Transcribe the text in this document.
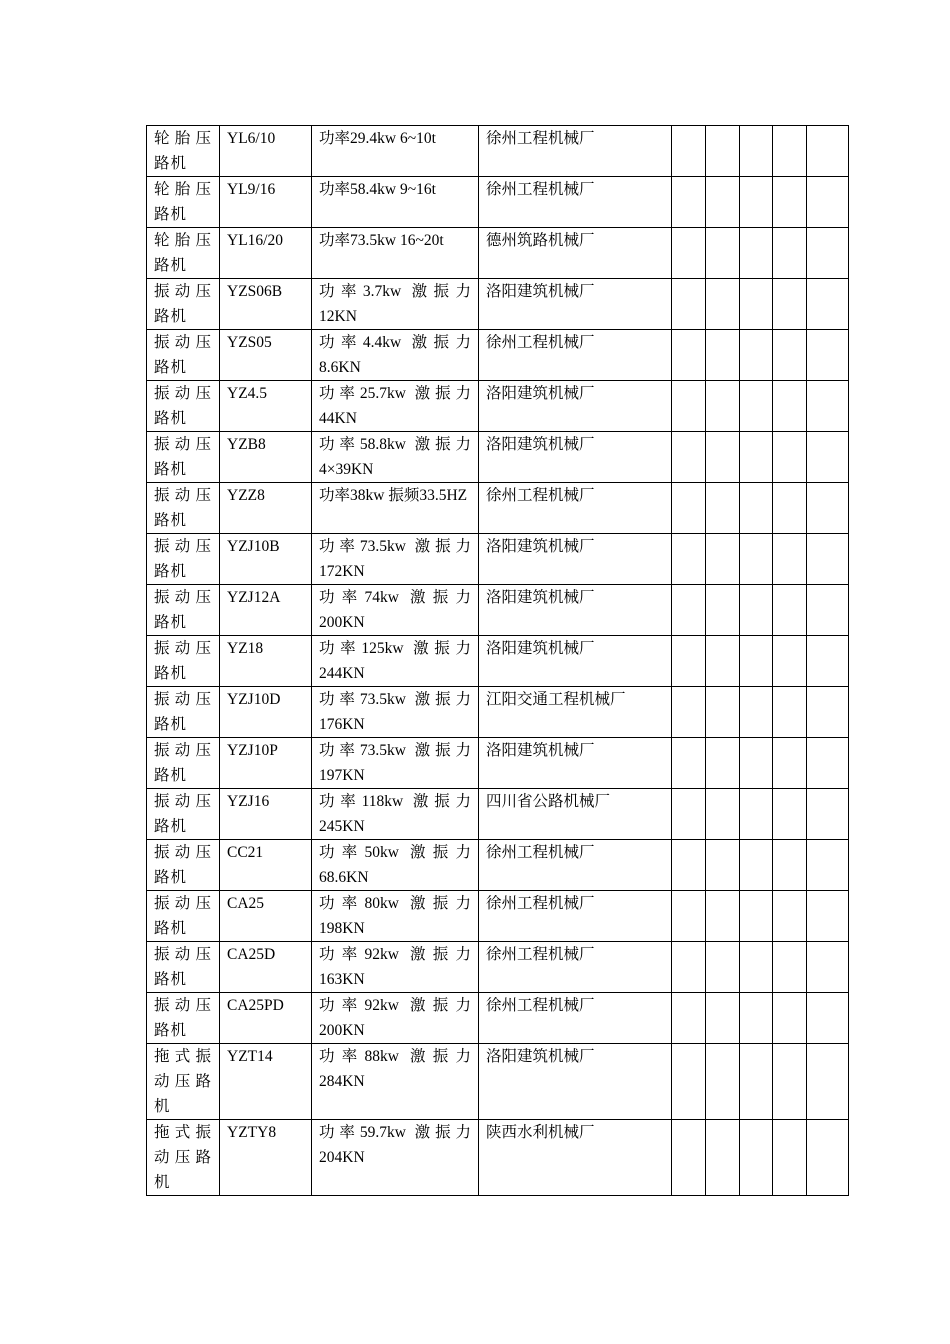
轮胎压路机	YL6/10	功率29.4kw 6~10t	徐州工程机械厂					
轮胎压路机	YL9/16	功率58.4kw 9~16t	徐州工程机械厂					
轮胎压路机	YL16/20	功率73.5kw 16~20t	德州筑路机械厂					
振动压路机	YZS06B	功率3.7kw 激振力12KN	洛阳建筑机械厂					
振动压路机	YZS05	功率4.4kw 激振力8.6KN	徐州工程机械厂					
振动压路机	YZ4.5	功率25.7kw 激振力44KN	洛阳建筑机械厂					
振动压路机	YZB8	功率58.8kw 激振力4×39KN	洛阳建筑机械厂					
振动压路机	YZZ8	功率38kw 振频33.5HZ	徐州工程机械厂					
振动压路机	YZJ10B	功率73.5kw 激振力172KN	洛阳建筑机械厂					
振动压路机	YZJ12A	功率74kw 激振力200KN	洛阳建筑机械厂					
振动压路机	YZ18	功率125kw 激振力244KN	洛阳建筑机械厂					
振动压路机	YZJ10D	功率73.5kw 激振力176KN	江阳交通工程机械厂					
振动压路机	YZJ10P	功率73.5kw 激振力197KN	洛阳建筑机械厂					
振动压路机	YZJ16	功率118kw 激振力245KN	四川省公路机械厂					
振动压路机	CC21	功率50kw 激振力68.6KN	徐州工程机械厂					
振动压路机	CA25	功率80kw 激振力198KN	徐州工程机械厂					
振动压路机	CA25D	功率92kw 激振力163KN	徐州工程机械厂					
振动压路机	CA25PD	功率92kw 激振力200KN	徐州工程机械厂					
拖式振动压路机	YZT14	功率88kw 激振力284KN	洛阳建筑机械厂					
拖式振动压路机	YZTY8	功率59.7kw 激振力204KN	陕西水利机械厂					
